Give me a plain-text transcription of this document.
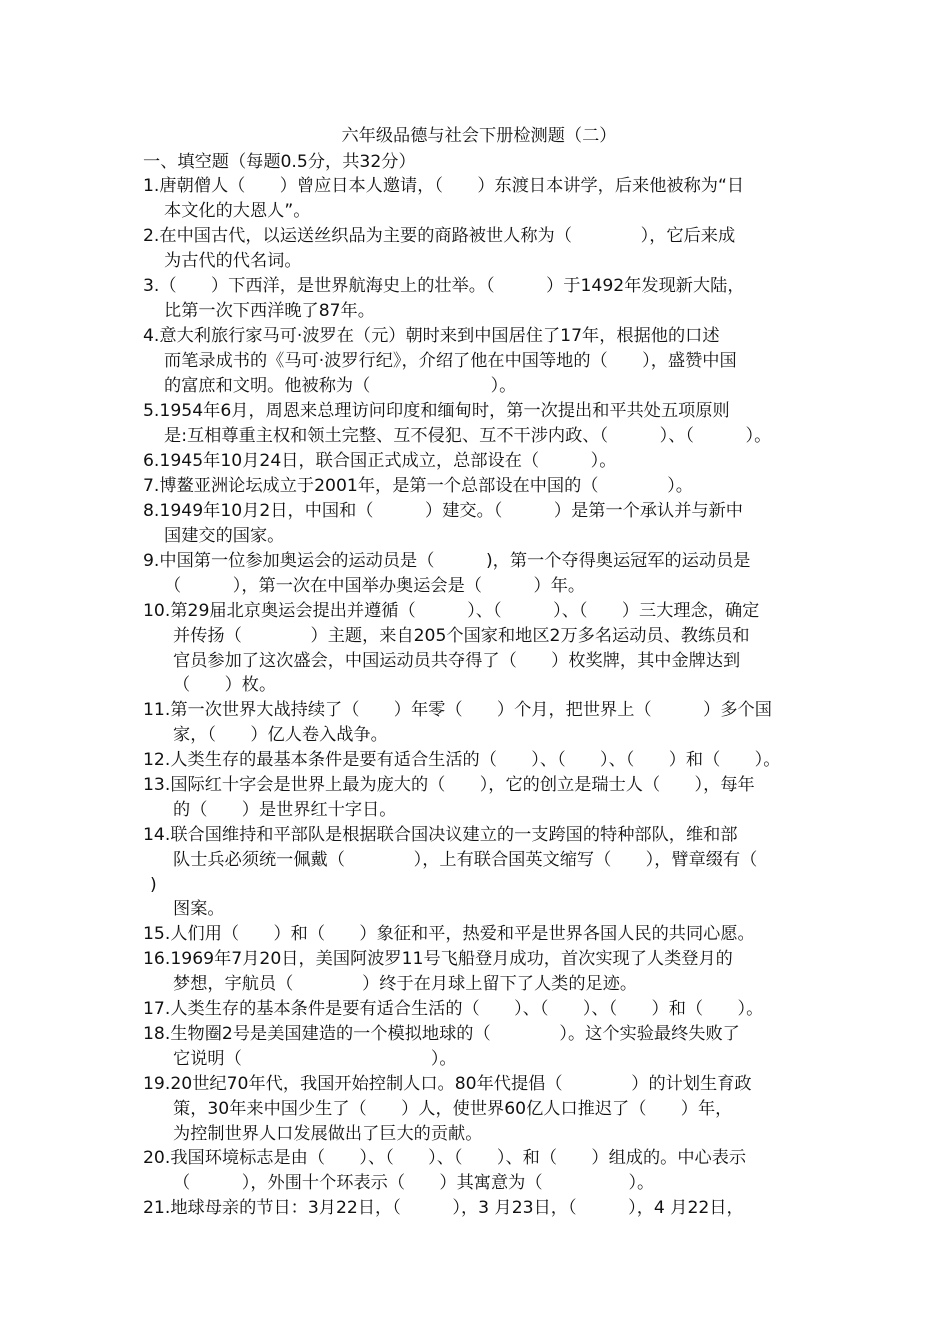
六年级品德与社会下册检测题（二）
一、填空题（每题0.5分，共32分）
1.唐朝僧人（　　）曾应日本人邀请，（　　）东渡日本讲学，后来他被称为“日
本文化的大恩人”。
2.在中国古代，以运送丝织品为主要的商路被世人称为（　　　　），它后来成
为古代的代名词。
3.（　　）下西洋，是世界航海史上的壮举。（　　　）于1492年发现新大陆，
比第一次下西洋晚了87年。
4.意大利旅行家马可·波罗在（元）朝时来到中国居住了17年，根据他的口述
而笔录成书的《马可·波罗行纪》，介绍了他在中国等地的（　　），盛赞中国
的富庶和文明。他被称为（　　　　　　　）。
5.1954年6月，周恩来总理访问印度和缅甸时，第一次提出和平共处五项原则
是:互相尊重主权和领土完整、互不侵犯、互不干涉内政、（　　　）、（　　　）。
6.1945年10月24日，联合国正式成立，总部设在（　　　）。
7.博鳌亚洲论坛成立于2001年，是第一个总部设在中国的（　　　　）。
8.1949年10月2日，中国和（　　　）建交。（　　　）是第一个承认并与新中
国建交的国家。
9.中国第一位参加奥运会的运动员是（　　　)，第一个夺得奥运冠军的运动员是
（　　　），第一次在中国举办奥运会是（　　　）年。
10.第29届北京奥运会提出并遵循（　　　）、（　　　）、（　　）三大理念，确定
并传扬（　　　　）主题，来自205个国家和地区2万多名运动员、教练员和
官员参加了这次盛会，中国运动员共夺得了（　　）枚奖牌，其中金牌达到
（　　）枚。
11.第一次世界大战持续了（　　）年零（　　）个月，把世界上（　　　）多个国
家，（　　）亿人卷入战争。
12.人类生存的最基本条件是要有适合生活的（　　）、（　　）、（　　）和（　　）。
13.国际红十字会是世界上最为庞大的（　　），它的创立是瑞士人（　　），每年
的（　　）是世界红十字日。
14.联合国维持和平部队是根据联合国决议建立的一支跨国的特种部队，维和部
队士兵必须统一佩戴（　　　　），上有联合国英文缩写（　　），臂章缀有（
)
图案。
15.人们用（　　）和（　　）象征和平，热爱和平是世界各国人民的共同心愿。
16.1969年7月20日，美国阿波罗11号飞船登月成功，首次实现了人类登月的
梦想，宇航员（　　　　）终于在月球上留下了人类的足迹。
17.人类生存的基本条件是要有适合生活的（　　）、（　　）、（　　）和（　　）。
18.生物圈2号是美国建造的一个模拟地球的（　　　　）。这个实验最终失败了
它说明（　　　　　　　　　　　）。
19.20世纪70年代，我国开始控制人口。80年代提倡（　　　　）的计划生育政
策，30年来中国少生了（　　）人，使世界60亿人口推迟了（　　）年，
为控制世界人口发展做出了巨大的贡献。
20.我国环境标志是由（　　）、（　　）、（　　）、和（　　）组成的。中心表示
（　　　），外围十个环表示（　　）其寓意为（　　　　　）。
21.地球母亲的节日：3月22日，（　　　），3 月23日，（　　　），4 月22日，
